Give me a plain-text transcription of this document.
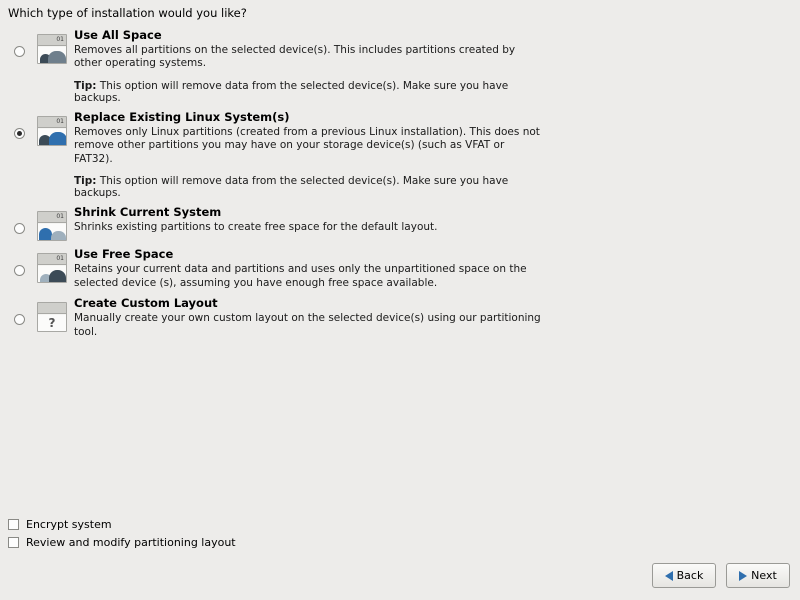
Which type of installation would you like?
01 Use All Space
Removes all partitions on the selected device(s). This includes partitions created by other operating systems.
Tip: This option will remove data from the selected device(s). Make sure you have backups.
01 Replace Existing Linux System(s)
Removes only Linux partitions (created from a previous Linux installation). This does not remove other partitions you may have on your storage device(s) (such as VFAT or FAT32).
Tip: This option will remove data from the selected device(s). Make sure you have backups.
01 Shrink Current System
Shrinks existing partitions to create free space for the default layout.
01 Use Free Space
Retains your current data and partitions and uses only the unpartitioned space on the selected device (s), assuming you have enough free space available.
?
Create Custom Layout
Manually create your own custom layout on the selected device(s) using our partitioning tool.
Encrypt system
Review and modify partitioning layout
Back	Next
